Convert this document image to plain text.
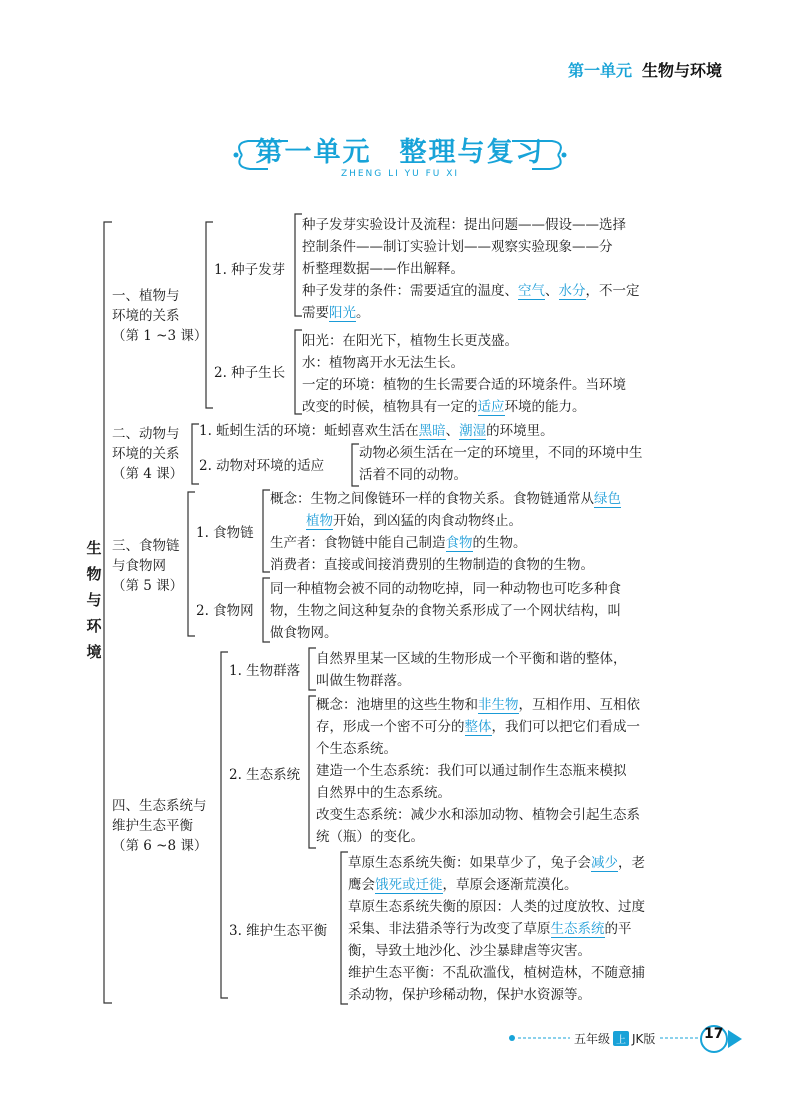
第一单元 生物与环境
第一单元 整理与复习
ZHENG LI YU FU XI
生
物
与
环
境
一、植物与
环境的关系
（第 1 ~3 课）
1. 种子发芽
种子发芽实验设计及流程：提出问题——假设——选择
控制条件——制订实验计划——观察实验现象——分
析整理数据——作出解释。
种子发芽的条件：需要适宜的温度、空气、水分，不一定
需要阳光。
2. 种子生长
阳光：在阳光下，植物生长更茂盛。
水：植物离开水无法生长。
一定的环境：植物的生长需要合适的环境条件。当环境
改变的时候，植物具有一定的适应环境的能力。
二、动物与
环境的关系
（第 4 课）
1. 蚯蚓生活的环境：蚯蚓喜欢生活在黑暗、潮湿的环境里。
2. 动物对环境的适应
动物必须生活在一定的环境里，不同的环境中生
活着不同的动物。
三、食物链
与食物网
（第 5 课）
1. 食物链
概念：生物之间像链环一样的食物关系。食物链通常从绿色
植物开始，到凶猛的肉食动物终止。
生产者：食物链中能自己制造食物的生物。
消费者：直接或间接消费别的生物制造的食物的生物。
2. 食物网
同一种植物会被不同的动物吃掉，同一种动物也可吃多种食
物，生物之间这种复杂的食物关系形成了一个网状结构，叫
做食物网。
四、生态系统与
维护生态平衡
（第 6 ~8 课）
1. 生物群落
自然界里某一区域的生物形成一个平衡和谐的整体，
叫做生物群落。
2. 生态系统
概念：池塘里的这些生物和非生物，互相作用、互相依
存，形成一个密不可分的整体，我们可以把它们看成一
个生态系统。
建造一个生态系统：我们可以通过制作生态瓶来模拟
自然界中的生态系统。
改变生态系统：减少水和添加动物、植物会引起生态系
统（瓶）的变化。
3. 维护生态平衡
草原生态系统失衡：如果草少了，兔子会减少，老
鹰会饿死或迁徙，草原会逐渐荒漠化。
草原生态系统失衡的原因：人类的过度放牧、过度
采集、非法猎杀等行为改变了草原生态系统的平
衡，导致土地沙化、沙尘暴肆虐等灾害。
维护生态平衡：不乱砍滥伐，植树造林，不随意捕
杀动物，保护珍稀动物，保护水资源等。
五年级 上 JK版	17
